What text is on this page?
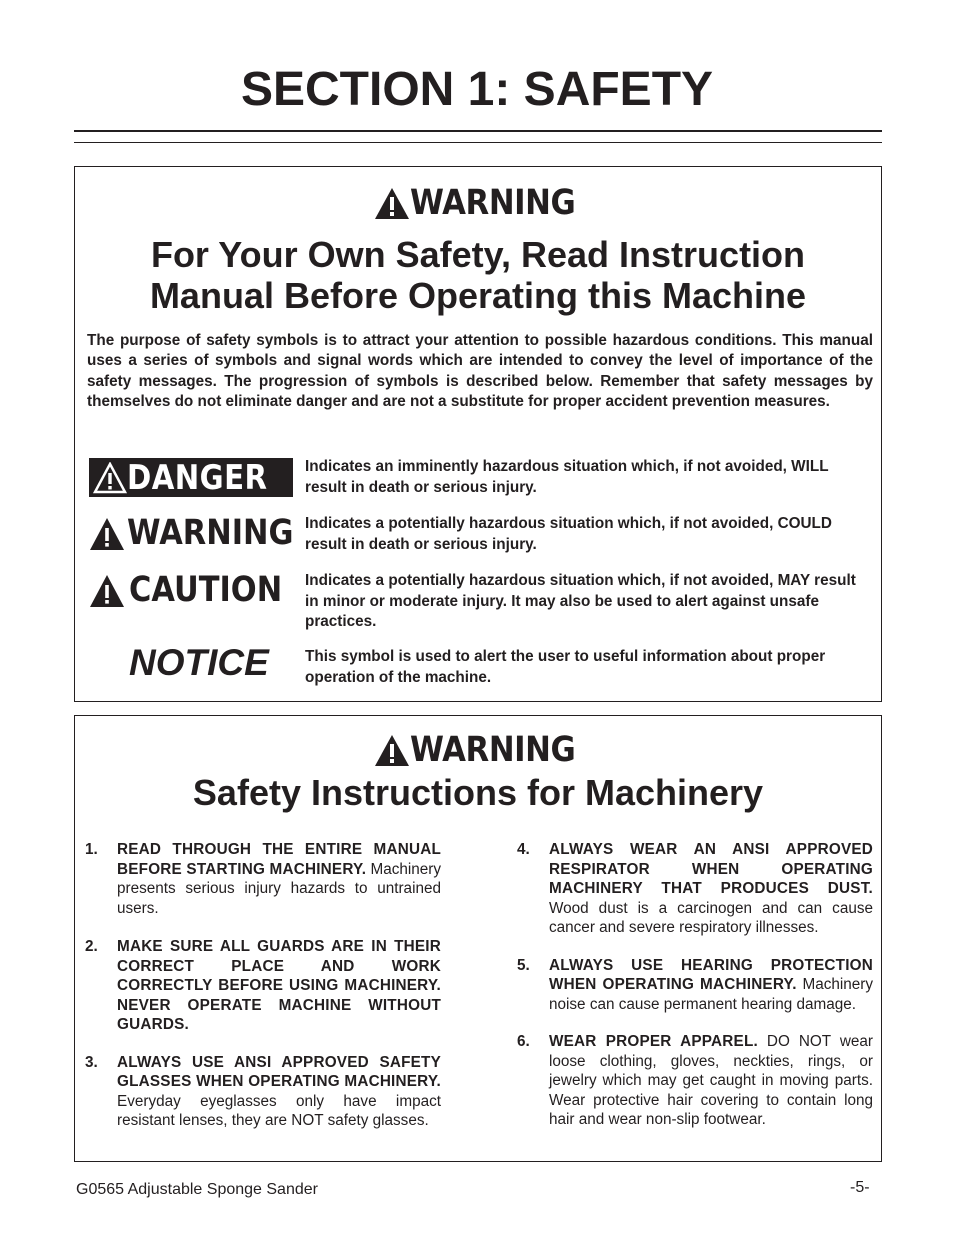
SECTION 1: SAFETY
WARNING
For Your Own Safety, Read Instruction
Manual Before Operating this Machine

The purpose of safety symbols is to attract your attention to possible hazardous conditions. This manual uses a series of symbols and signal words which are intended to convey the level of importance of the safety messages. The progression of symbols is described below. Remember that safety messages by themselves do not eliminate danger and are not a substitute for proper accident prevention measures.

DANGER Indicates an imminently hazardous situation which, if not avoided, WILL result in death or serious injury.
WARNING Indicates a potentially hazardous situation which, if not avoided, COULD result in death or serious injury.
CAUTION Indicates a potentially hazardous situation which, if not avoided, MAY result in minor or moderate injury. It may also be used to alert against unsafe practices.
NOTICE This symbol is used to alert the user to useful information about proper operation of the machine.
WARNING
Safety Instructions for Machinery
1. READ THROUGH THE ENTIRE MANUAL BEFORE STARTING MACHINERY. Machinery presents serious injury hazards to untrained users.
2. MAKE SURE ALL GUARDS ARE IN THEIR CORRECT PLACE AND WORK CORRECTLY BEFORE USING MACHINERY. NEVER OPERATE MACHINE WITHOUT GUARDS.
3. ALWAYS USE ANSI APPROVED SAFETY GLASSES WHEN OPERATING MACHINERY. Everyday eyeglasses only have impact resistant lenses, they are NOT safety glasses.
4. ALWAYS WEAR AN ANSI APPROVED RESPIRATOR WHEN OPERATING MACHINERY THAT PRODUCES DUST. Wood dust is a carcinogen and can cause cancer and severe respiratory illnesses.
5. ALWAYS USE HEARING PROTECTION WHEN OPERATING MACHINERY. Machinery noise can cause permanent hearing damage.
6. WEAR PROPER APPAREL. DO NOT wear loose clothing, gloves, neckties, rings, or jewelry which may get caught in moving parts. Wear protective hair covering to contain long hair and wear non-slip footwear.
G0565 Adjustable Sponge Sander	-5-
